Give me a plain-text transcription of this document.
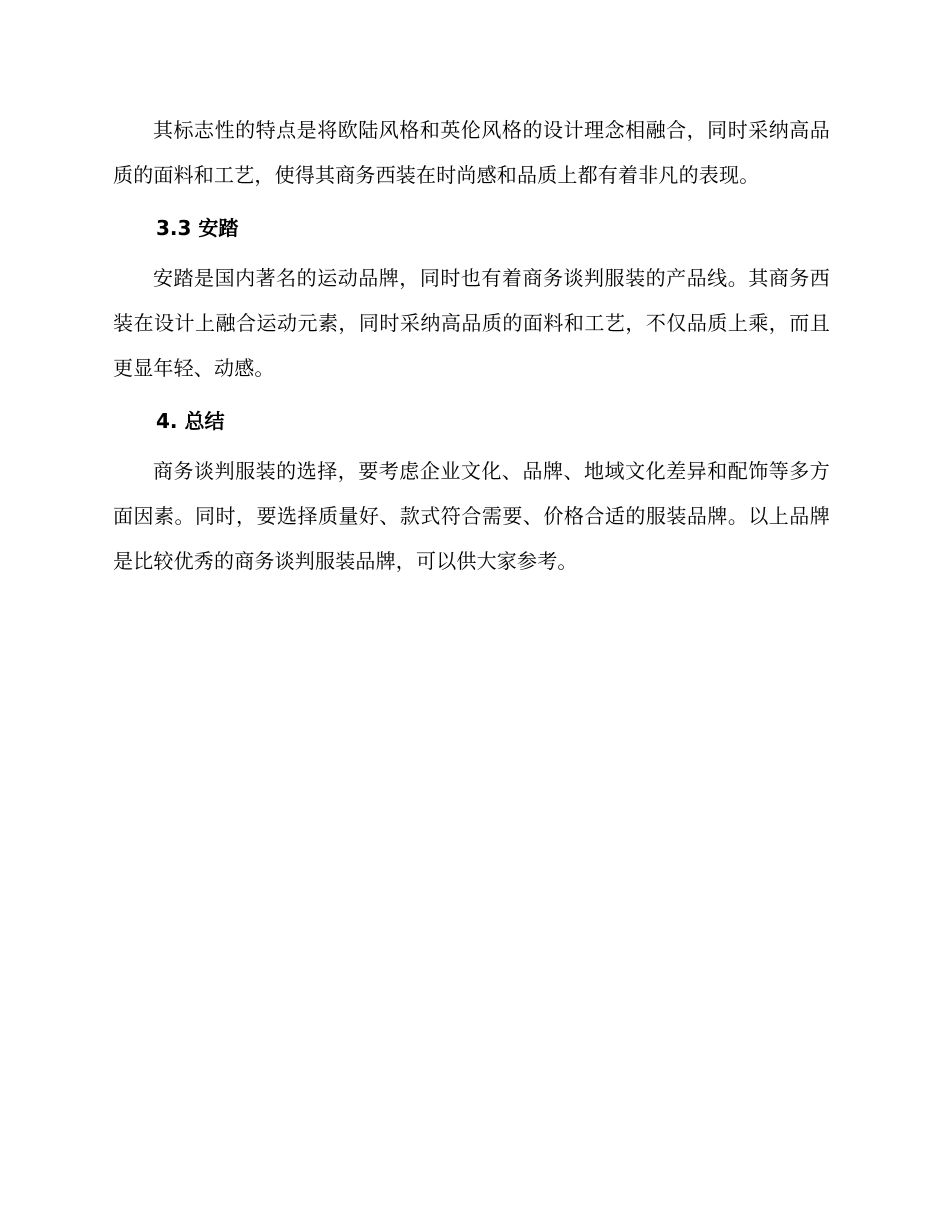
其标志性的特点是将欧陆风格和英伦风格的设计理念相融合，同时采纳高品质的面料和工艺，使得其商务西装在时尚感和品质上都有着非凡的表现。

3.3 安踏

安踏是国内著名的运动品牌，同时也有着商务谈判服装的产品线。其商务西装在设计上融合运动元素，同时采纳高品质的面料和工艺，不仅品质上乘，而且更显年轻、动感。

4. 总结

商务谈判服装的选择，要考虑企业文化、品牌、地域文化差异和配饰等多方面因素。同时，要选择质量好、款式符合需要、价格合适的服装品牌。以上品牌是比较优秀的商务谈判服装品牌，可以供大家参考。
